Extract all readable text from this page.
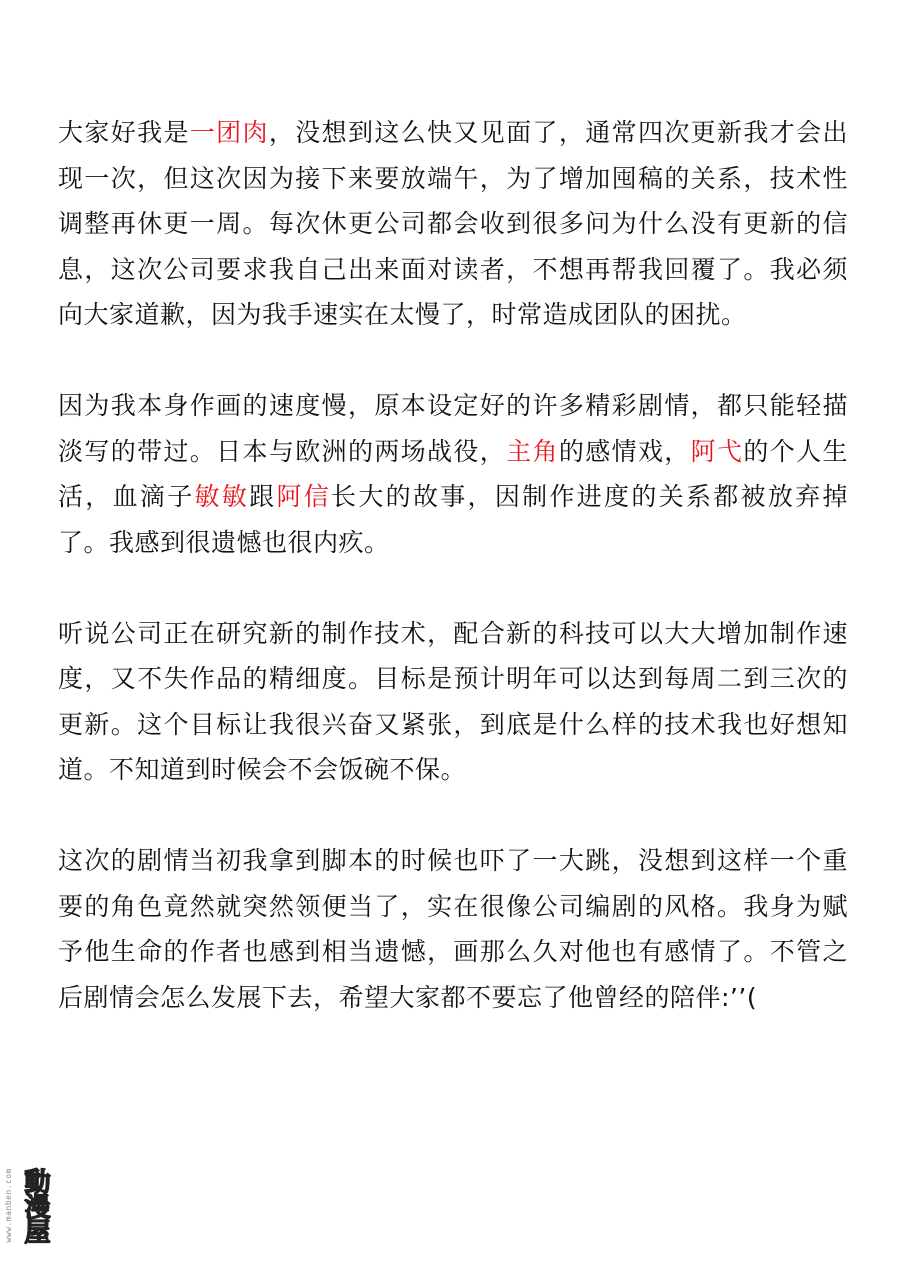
大家好我是一团肉，没想到这么快又见面了，通常四次更新我才会出现一次，但这次因为接下来要放端午，为了增加囤稿的关系，技术性调整再休更一周。每次休更公司都会收到很多问为什么没有更新的信息，这次公司要求我自己出来面对读者，不想再帮我回覆了。我必须向大家道歉，因为我手速实在太慢了，时常造成团队的困扰。

因为我本身作画的速度慢，原本设定好的许多精彩剧情，都只能轻描淡写的带过。日本与欧洲的两场战役，主角的感情戏，阿弋的个人生活，血滴子敏敏跟阿信长大的故事，因制作进度的关系都被放弃掉了。我感到很遗憾也很内疚。

听说公司正在研究新的制作技术，配合新的科技可以大大增加制作速度，又不失作品的精细度。目标是预计明年可以达到每周二到三次的更新。这个目标让我很兴奋又紧张，到底是什么样的技术我也好想知道。不知道到时候会不会饭碗不保。

这次的剧情当初我拿到脚本的时候也吓了一大跳，没想到这样一个重要的角色竟然就突然领便当了，实在很像公司编剧的风格。我身为赋予他生命的作者也感到相当遗憾，画那么久对他也有感情了。不管之后剧情会怎么发展下去，希望大家都不要忘了他曾经的陪伴:’’(

www.manben.com 動漫屋
